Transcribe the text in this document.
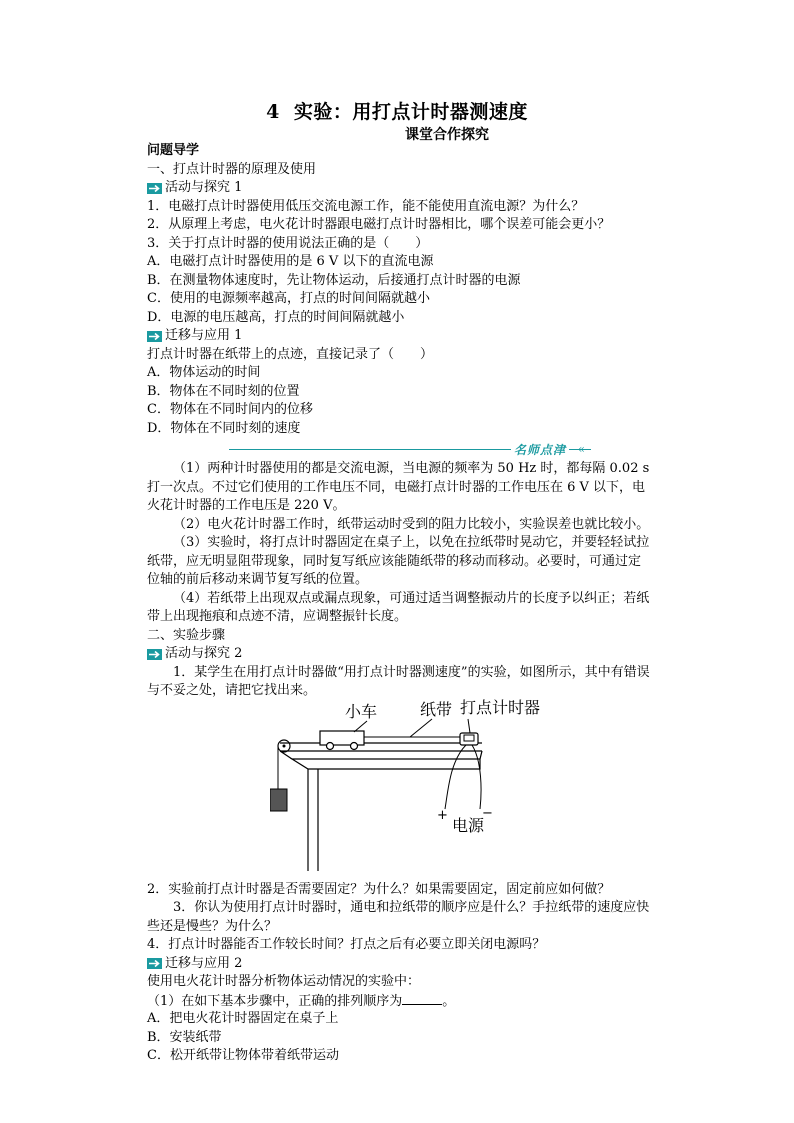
4 实验：用打点计时器测速度
课堂合作探究
问题导学
一、打点计时器的原理及使用
活动与探究 1
1．电磁打点计时器使用低压交流电源工作，能不能使用直流电源？为什么？
2．从原理上考虑，电火花计时器跟电磁打点计时器相比，哪个误差可能会更小？
3．关于打点计时器的使用说法正确的是（　　）
A．电磁打点计时器使用的是 6 V 以下的直流电源
B．在测量物体速度时，先让物体运动，后接通打点计时器的电源
C．使用的电源频率越高，打点的时间间隔就越小
D．电源的电压越高，打点的时间间隔就越小
迁移与应用 1
打点计时器在纸带上的点迹，直接记录了（　　）
A．物体运动的时间
B．物体在不同时刻的位置
C．物体在不同时间内的位移
D．物体在不同时刻的速度
名师点津 «
（1）两种计时器使用的都是交流电源，当电源的频率为 50 Hz 时，都每隔 0.02 s 打一次点。不过它们使用的工作电压不同，电磁打点计时器的工作电压在 6 V 以下，电火花计时器的工作电压是 220 V。
（2）电火花计时器工作时，纸带运动时受到的阻力比较小，实验误差也就比较小。
（3）实验时，将打点计时器固定在桌子上，以免在拉纸带时晃动它，并要轻轻试拉纸带，应无明显阻带现象，同时复写纸应该能随纸带的移动而移动。必要时，可通过定位轴的前后移动来调节复写纸的位置。
（4）若纸带上出现双点或漏点现象，可通过适当调整振动片的长度予以纠正；若纸带上出现拖痕和点迹不清，应调整振针长度。
二、实验步骤
活动与探究 2
1．某学生在用打点计时器做“用打点计时器测速度”的实验，如图所示，其中有错误与不妥之处，请把它找出来。
+	−
小车	纸带 打点计时器
电源
2．实验前打点计时器是否需要固定？为什么？如果需要固定，固定前应如何做？
3．你认为使用打点计时器时，通电和拉纸带的顺序应是什么？手拉纸带的速度应快些还是慢些？为什么？
4．打点计时器能否工作较长时间？打点之后有必要立即关闭电源吗？
迁移与应用 2
使用电火花计时器分析物体运动情况的实验中：
（1）在如下基本步骤中，正确的排列顺序为	。
A．把电火花计时器固定在桌子上
B．安装纸带
C．松开纸带让物体带着纸带运动
